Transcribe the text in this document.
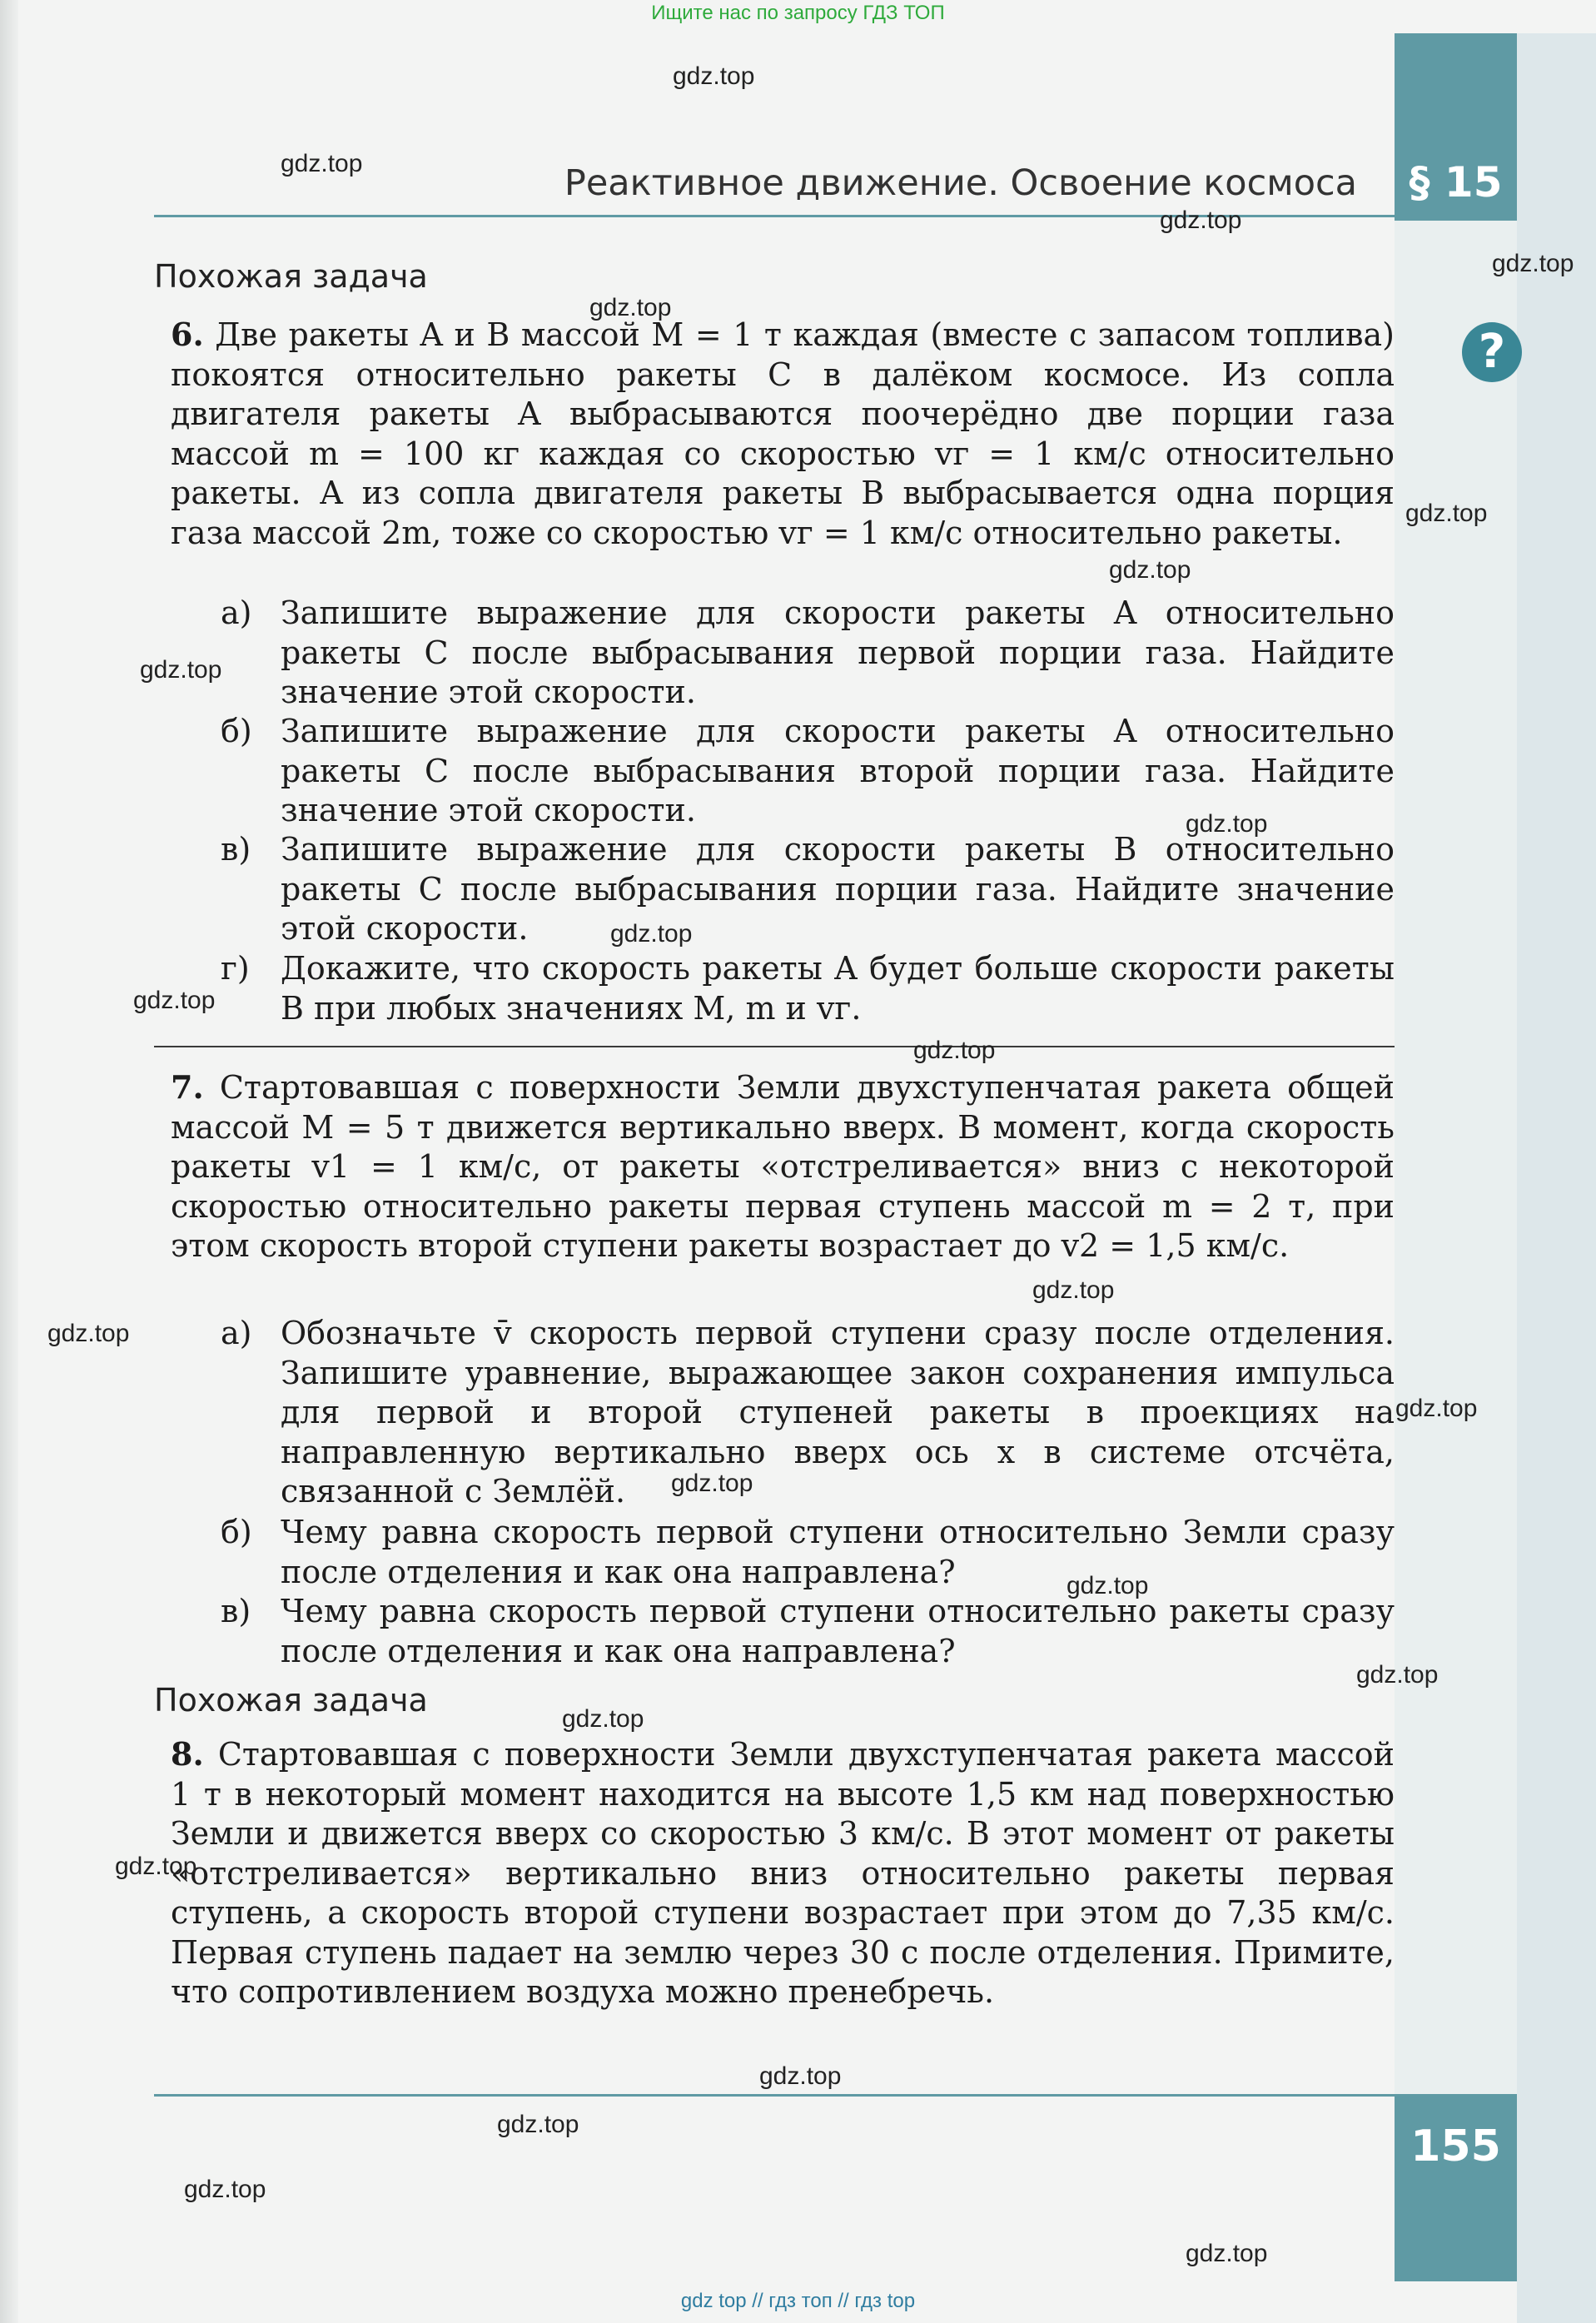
Ищите нас по запросу ГДЗ ТОП
Реактивное движение. Освоение космоса	§ 15
?
Похожая задача
6. Две ракеты A и B массой M = 1 т каждая (вместе с запасом топлива) покоятся относительно ракеты C в далёком космосе. Из сопла двигателя ракеты A выбрасываются поочерёдно две порции газа массой m = 100 кг каждая со скоростью vг = 1 км/с относительно ракеты. А из сопла двигателя ракеты B выбрасывается одна порция газа массой 2m, тоже со скоростью vг = 1 км/с относительно ракеты.
а) Запишите выражение для скорости ракеты A относительно ракеты C после выбрасывания первой порции газа. Найдите значение этой скорости.
б) Запишите выражение для скорости ракеты A относительно ракеты C после выбрасывания второй порции газа. Найдите значение этой скорости.
в) Запишите выражение для скорости ракеты B относительно ракеты C после выбрасывания порции газа. Найдите значение этой скорости.
г) Докажите, что скорость ракеты A будет больше скорости ракеты B при любых значениях M, m и vг.
7. Стартовавшая с поверхности Земли двухступенчатая ракета общей массой M = 5 т движется вертикально вверх. В момент, когда скорость ракеты v1 = 1 км/с, от ракеты «отстреливается» вниз с некоторой скоростью относительно ракеты первая ступень массой m = 2 т, при этом скорость второй ступени ракеты возрастает до v2 = 1,5 км/с.
а) Обозначьте v̄ скорость первой ступени сразу после отделения. Запишите уравнение, выражающее закон сохранения импульса для первой и второй ступеней ракеты в проекциях на направленную вертикально вверх ось x в системе отсчёта, связанной с Землёй.
б) Чему равна скорость первой ступени относительно Земли сразу после отделения и как она направлена?
в) Чему равна скорость первой ступени относительно ракеты сразу после отделения и как она направлена?
Похожая задача
8. Стартовавшая с поверхности Земли двухступенчатая ракета массой 1 т в некоторый момент находится на высоте 1,5 км над поверхностью Земли и движется вверх со скоростью 3 км/с. В этот момент от ракеты «отстреливается» вертикально вниз относительно ракеты первая ступень, а скорость второй ступени возрастает при этом до 7,35 км/с. Первая ступень падает на землю через 30 с после отделения. Примите, что сопротивлением воздуха можно пренебречь.
155
gdz.top
gdz.top
gdz.top
gdz.top
gdz.top
gdz.top
gdz.top
gdz.top
gdz.top
gdz.top
gdz.top
gdz.top
gdz.top
gdz.top
gdz.top
gdz.top
gdz.top
gdz.top
gdz.top
gdz.top
gdz.top
gdz.top
gdz.top
gdz.top
gdz top // гдз топ // гдз top
